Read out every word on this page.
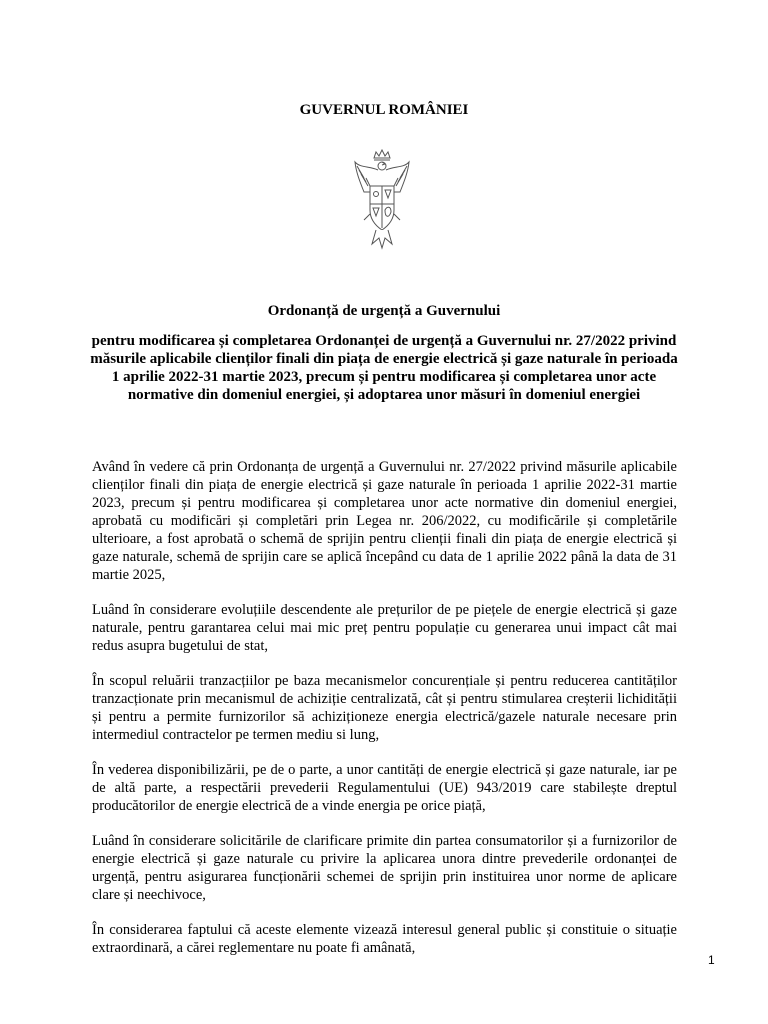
GUVERNUL ROMÂNIEI
Ordonanță de urgență a Guvernului
pentru modificarea și completarea Ordonanței de urgență a Guvernului nr. 27/2022 privind măsurile aplicabile clienților finali din piața de energie electrică și gaze naturale în perioada 1 aprilie 2022-31 martie 2023, precum și pentru modificarea și completarea unor acte normative din domeniul energiei, și adoptarea unor măsuri în domeniul energiei

Având în vedere că prin Ordonanța de urgență a Guvernului nr. 27/2022 privind măsurile aplicabile clienților finali din piața de energie electrică și gaze naturale în perioada 1 aprilie 2022-31 martie 2023, precum și pentru modificarea și completarea unor acte normative din domeniul energiei, aprobată cu modificări și completări prin Legea nr. 206/2022, cu modificările și completările ulterioare, a fost aprobată o schemă de sprijin pentru clienții finali din piața de energie electrică și gaze naturale, schemă de sprijin care se aplică începând cu data de 1 aprilie 2022 până la data de 31 martie 2025,

Luând în considerare evoluțiile descendente ale prețurilor de pe piețele de energie electrică și gaze naturale, pentru garantarea celui mai mic preț pentru populație cu generarea unui impact cât mai redus asupra bugetului de stat,

În scopul reluării tranzacțiilor pe baza mecanismelor concurențiale și pentru reducerea cantităților tranzacționate prin mecanismul de achiziție centralizată, cât și pentru stimularea creșterii lichidității și pentru a permite furnizorilor să achiziționeze energia electrică/gazele naturale necesare prin intermediul contractelor pe termen mediu si lung,

În vederea disponibilizării, pe de o parte, a unor cantități de energie electrică și gaze naturale, iar pe de altă parte, a respectării prevederii Regulamentului (UE) 943/2019 care stabilește dreptul producătorilor de energie electrică de a vinde energia pe orice piață,

Luând în considerare solicitările de clarificare primite din partea consumatorilor și a furnizorilor de energie electrică și gaze naturale cu privire la aplicarea unora dintre prevederile ordonanței de urgență, pentru asigurarea funcționării schemei de sprijin prin instituirea unor norme de aplicare clare și neechivoce,

În considerarea faptului că aceste elemente vizează interesul general public și constituie o situație extraordinară, a cărei reglementare nu poate fi amânată,

1
